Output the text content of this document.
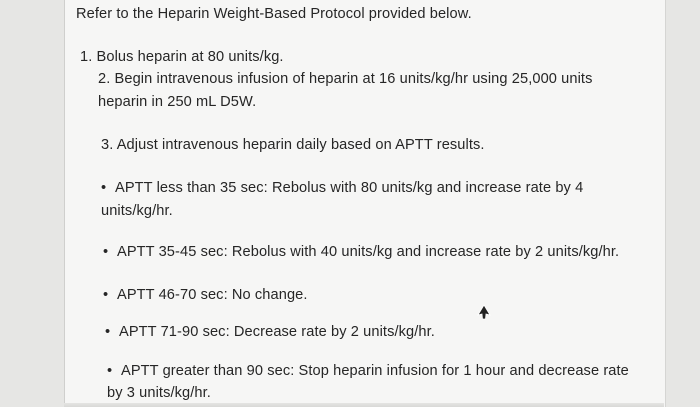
Refer to the Heparin Weight-Based Protocol provided below.
1. Bolus heparin at 80 units/kg.
2. Begin intravenous infusion of heparin at 16 units/kg/hr using 25,000 units
heparin in 250 mL D5W.
3. Adjust intravenous heparin daily based on APTT results.
• APTT less than 35 sec: Rebolus with 80 units/kg and increase rate by 4
units/kg/hr.
• APTT 35-45 sec: Rebolus with 40 units/kg and increase rate by 2 units/kg/hr.
• APTT 46-70 sec: No change.
• APTT 71-90 sec: Decrease rate by 2 units/kg/hr.
• APTT greater than 90 sec: Stop heparin infusion for 1 hour and decrease rate
by 3 units/kg/hr.
